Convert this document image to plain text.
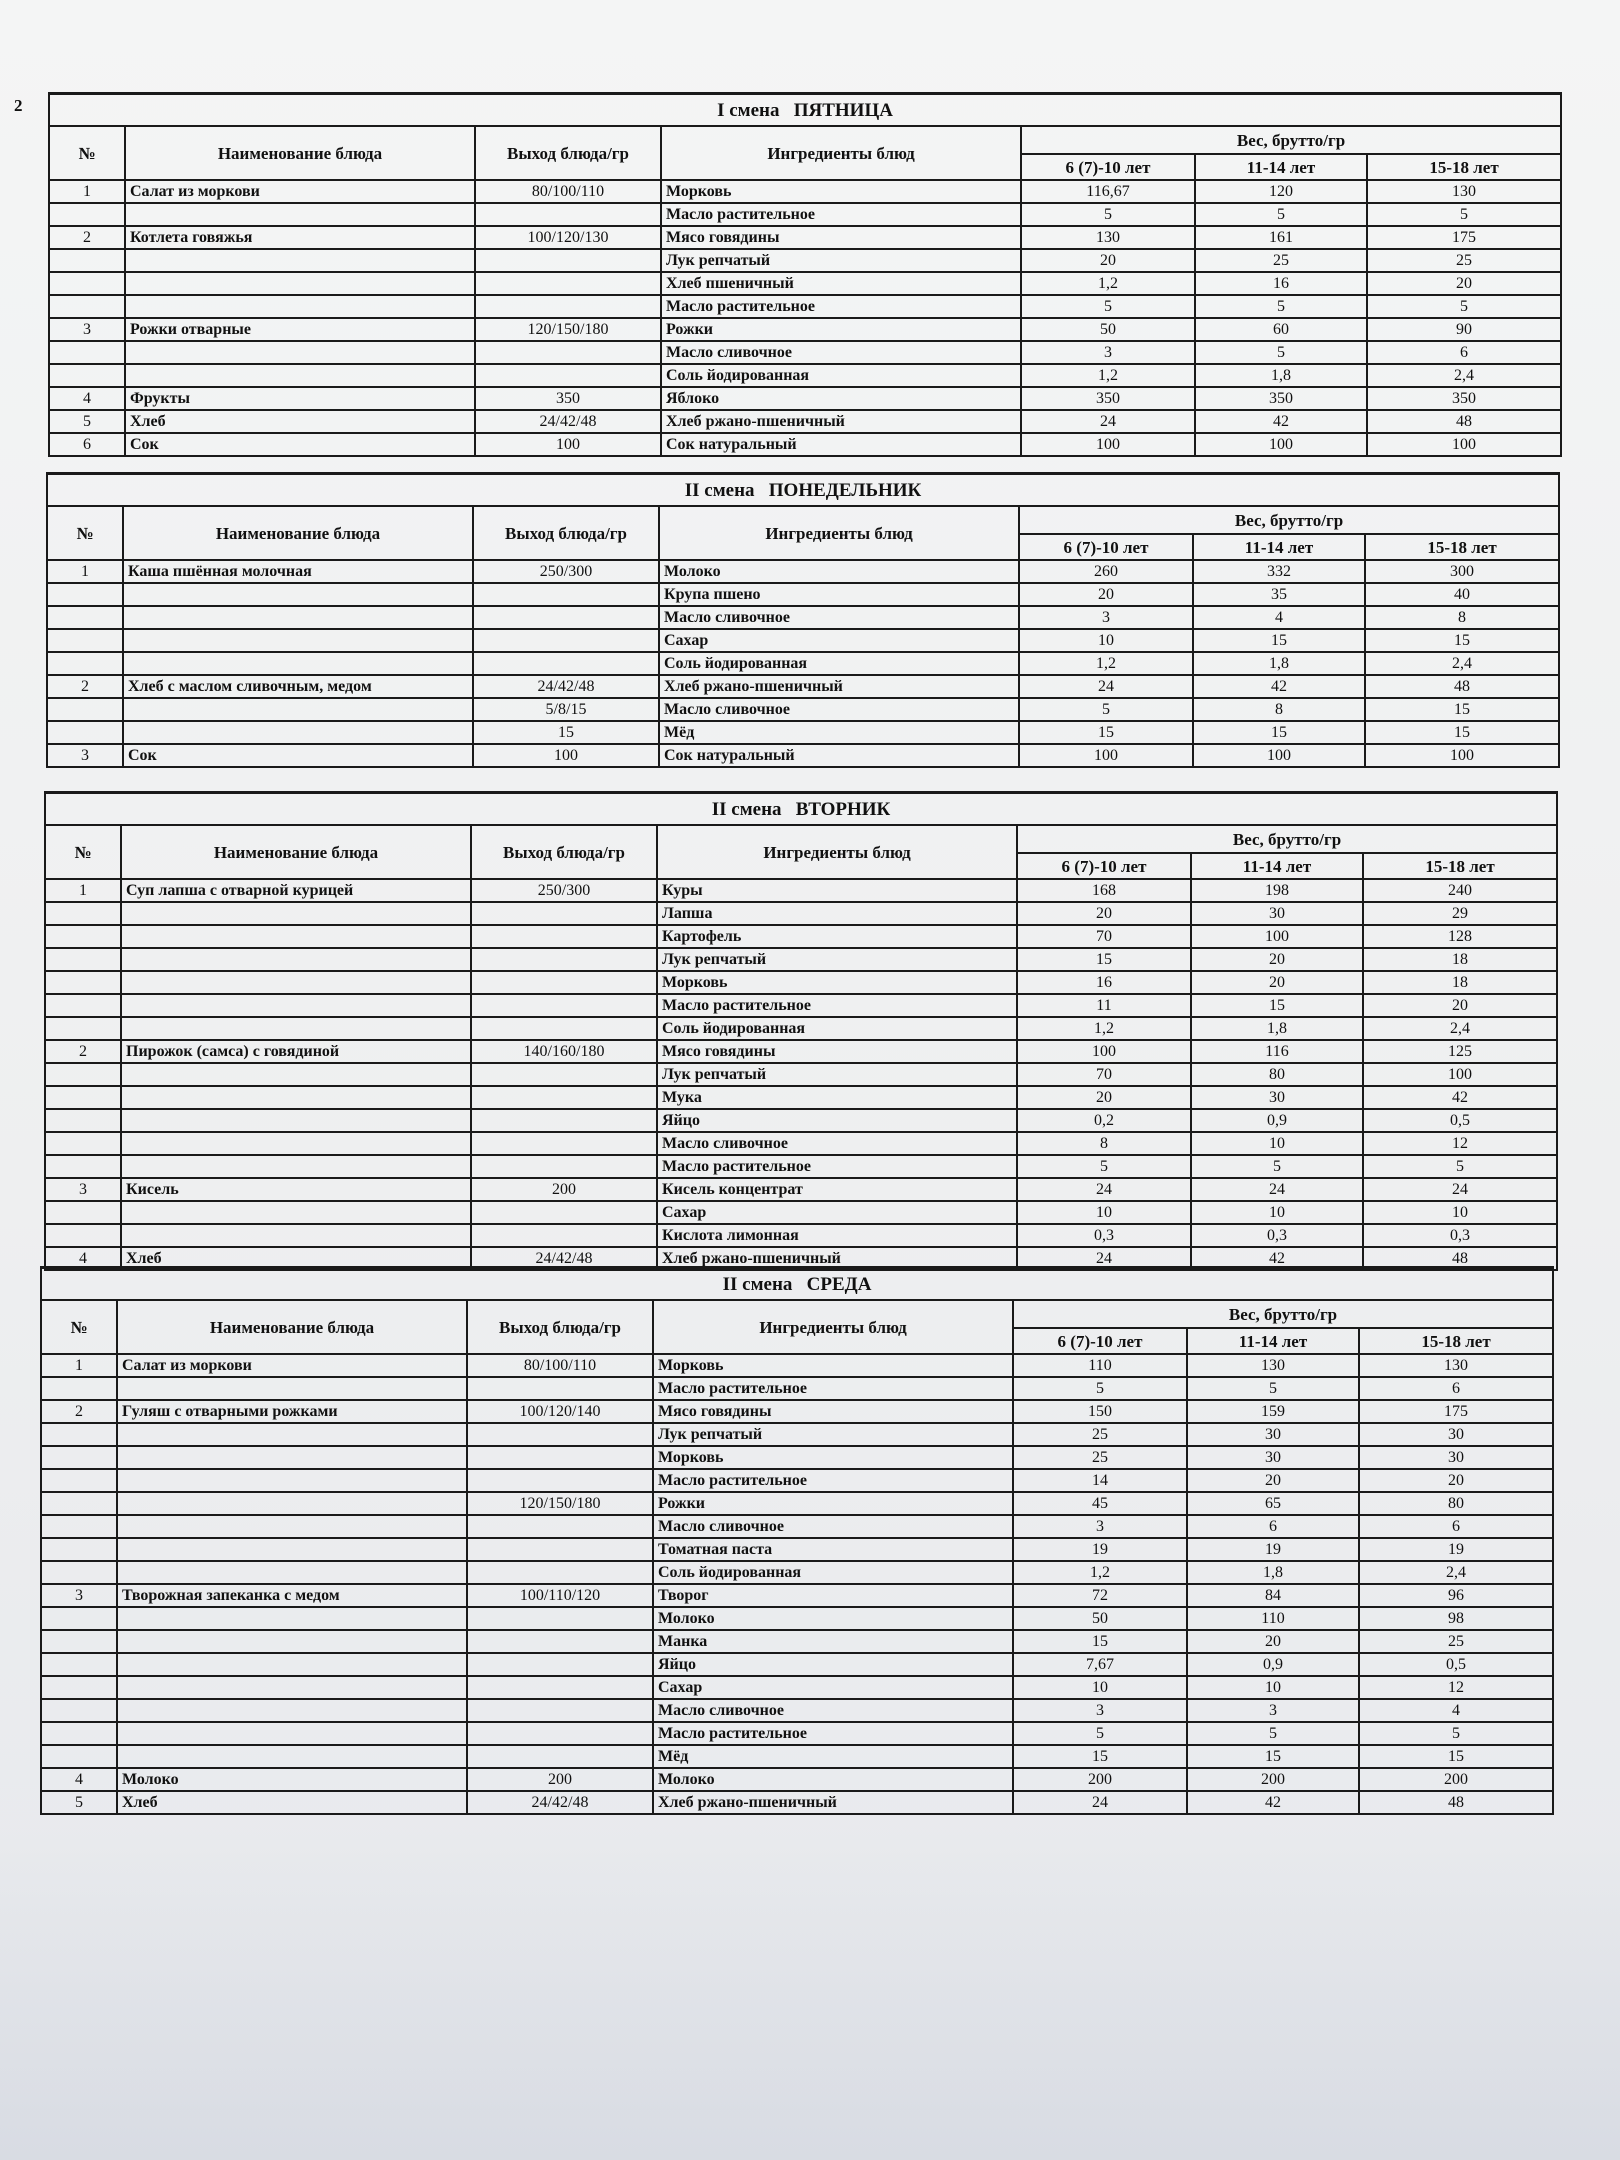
2	I смена ПЯТНИЦА						
№	Наименование блюда	Выход блюда/гр	Ингредиенты блюд	Вес, брутто/гр		
				6 (7)-10 лет	11-14 лет	15-18 лет
1	Салат из моркови	80/100/110	Морковь	116,67	120	130
			Масло растительное	5	5	5
2	Котлета говяжья	100/120/130	Мясо говядины	130	161	175
			Лук репчатый	20	25	25
			Хлеб пшеничный	1,2	16	20
			Масло растительное	5	5	5
3	Рожки отварные	120/150/180	Рожки	50	60	90
			Масло сливочное	3	5	6
			Соль йодированная	1,2	1,8	2,4
4	Фрукты	350	Яблоко	350	350	350
5	Хлеб	24/42/48	Хлеб ржано-пшеничный	24	42	48
6	Сок	100	Сок натуральный	100	100	100
II смена ПОНЕДЕЛЬНИК						
№	Наименование блюда	Выход блюда/гр	Ингредиенты блюд	Вес, брутто/гр		
				6 (7)-10 лет	11-14 лет	15-18 лет
1	Каша пшённая молочная	250/300	Молоко	260	332	300
			Крупа пшено	20	35	40
			Масло сливочное	3	4	8
			Сахар	10	15	15
			Соль йодированная	1,2	1,8	2,4
2	Хлеб с маслом сливочным, медом	24/42/48	Хлеб ржано-пшеничный	24	42	48
		5/8/15	Масло сливочное	5	8	15
		15	Мёд	15	15	15
3	Сок	100	Сок натуральный	100	100	100
II смена ВТОРНИК						
№	Наименование блюда	Выход блюда/гр	Ингредиенты блюд	Вес, брутто/гр		
				6 (7)-10 лет	11-14 лет	15-18 лет
1	Суп лапша с отварной курицей	250/300	Куры	168	198	240
			Лапша	20	30	29
			Картофель	70	100	128
			Лук репчатый	15	20	18
			Морковь	16	20	18
			Масло растительное	11	15	20
			Соль йодированная	1,2	1,8	2,4
2	Пирожок (самса) с говядиной	140/160/180	Мясо говядины	100	116	125
			Лук репчатый	70	80	100
			Мука	20	30	42
			Яйцо	0,2	0,9	0,5
			Масло сливочное	8	10	12
			Масло растительное	5	5	5
3	Кисель	200	Кисель концентрат	24	24	24
			Сахар	10	10	10
			Кислота лимонная	0,3	0,3	0,3
4	Хлеб	24/42/48	Хлеб ржано-пшеничный	24	42	48
II смена СРЕДА						
№	Наименование блюда	Выход блюда/гр	Ингредиенты блюд	Вес, брутто/гр		
				6 (7)-10 лет	11-14 лет	15-18 лет
1	Салат из моркови	80/100/110	Морковь	110	130	130
			Масло растительное	5	5	6
2	Гуляш с отварными рожками	100/120/140	Мясо говядины	150	159	175
			Лук репчатый	25	30	30
			Морковь	25	30	30
			Масло растительное	14	20	20
		120/150/180	Рожки	45	65	80
			Масло сливочное	3	6	6
			Томатная паста	19	19	19
			Соль йодированная	1,2	1,8	2,4
3	Творожная запеканка с медом	100/110/120	Творог	72	84	96
			Молоко	50	110	98
			Манка	15	20	25
			Яйцо	7,67	0,9	0,5
			Сахар	10	10	12
			Масло сливочное	3	3	4
			Масло растительное	5	5	5
			Мёд	15	15	15
4	Молоко	200	Молоко	200	200	200
5	Хлеб	24/42/48	Хлеб ржано-пшеничный	24	42	48
